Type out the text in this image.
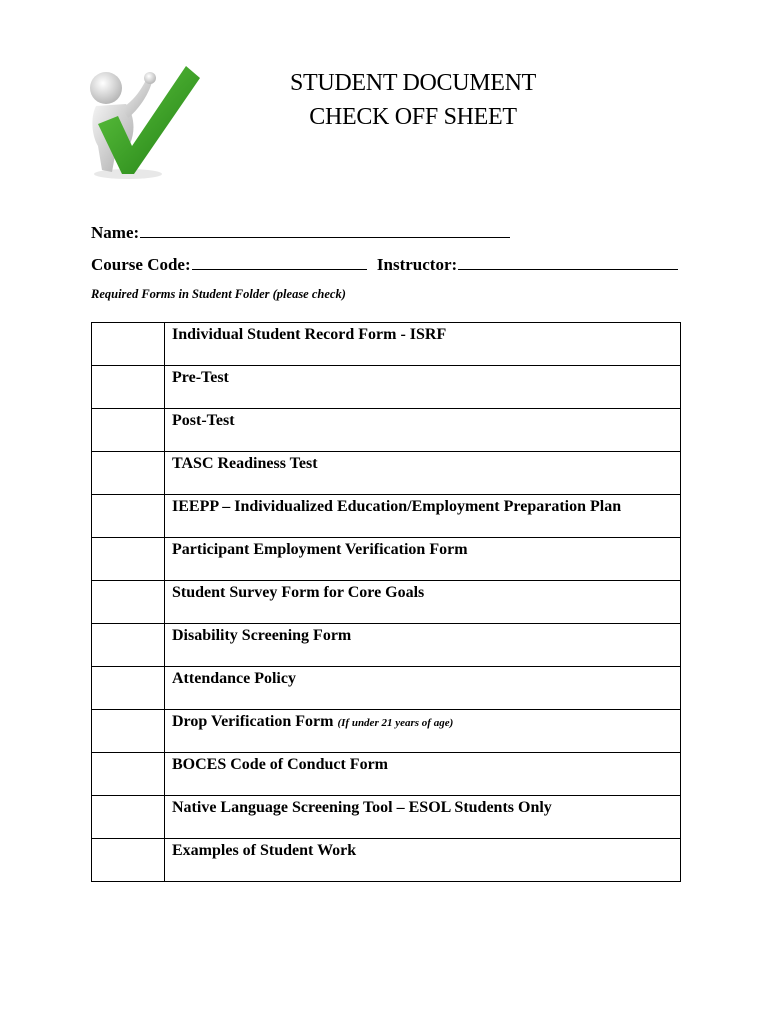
STUDENT DOCUMENT
CHECK OFF SHEET
Name:
Course Code:	Instructor:
Required Forms in Student Folder (please check)
	Individual Student Record Form - ISRF
	Pre-Test
	Post-Test
	TASC Readiness Test
	IEEPP – Individualized Education/Employment Preparation Plan
	Participant Employment Verification Form
	Student Survey Form for Core Goals
	Disability Screening Form
	Attendance Policy
	Drop Verification Form (If under 21 years of age)
	BOCES Code of Conduct Form
	Native Language Screening Tool – ESOL Students Only
	Examples of Student Work
